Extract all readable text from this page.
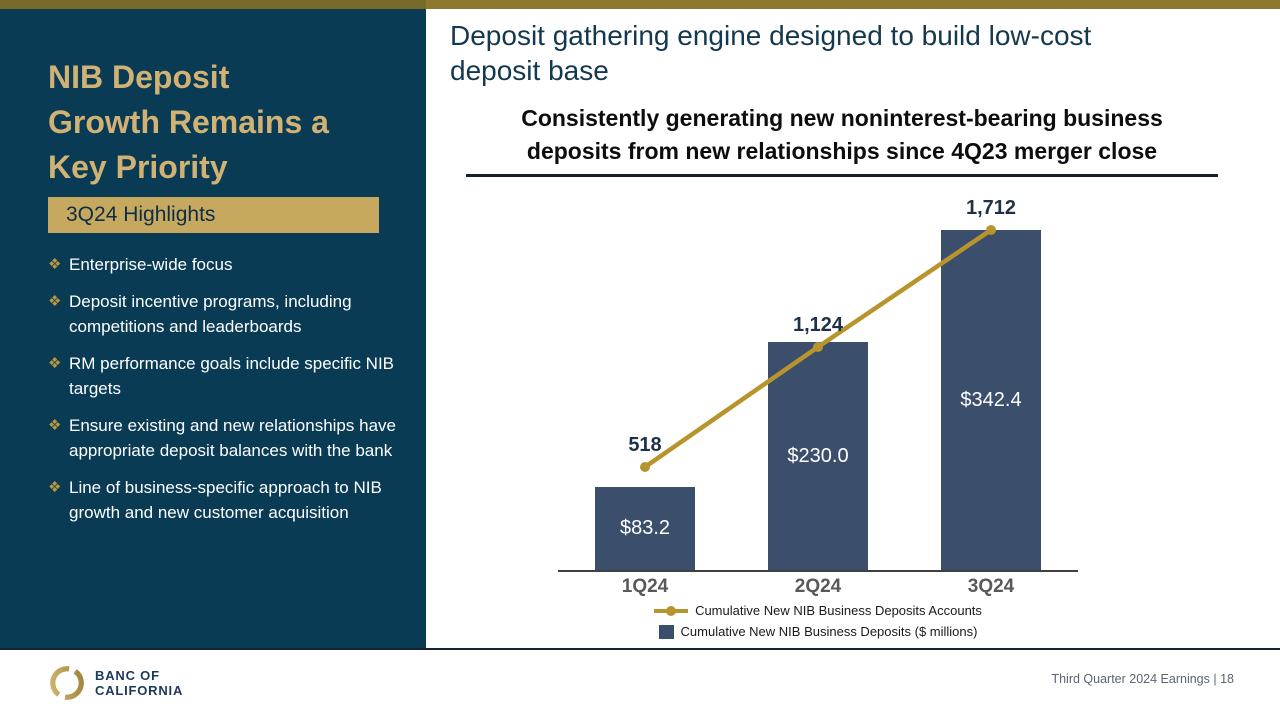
NIB Deposit
Growth Remains a
Key Priority
3Q24 Highlights
❖ Enterprise-wide focus
❖ Deposit incentive programs, including competitions and leaderboards
❖ RM performance goals include specific NIB targets
❖ Ensure existing and new relationships have appropriate deposit balances with the bank
❖ Line of business-specific approach to NIB growth and new customer acquisition
Deposit gathering engine designed to build low-cost
deposit base
Consistently generating new noninterest-bearing business
deposits from new relationships since 4Q23 merger close
$83.2
$230.0
$342.4
518
1,124
1,712
Cumulative New NIB Business Deposits Accounts
Cumulative New NIB Business Deposits ($ millions)
1Q24	2Q24	3Q24
BANC OF
CALIFORNIA
Third Quarter 2024 Earnings | 18
